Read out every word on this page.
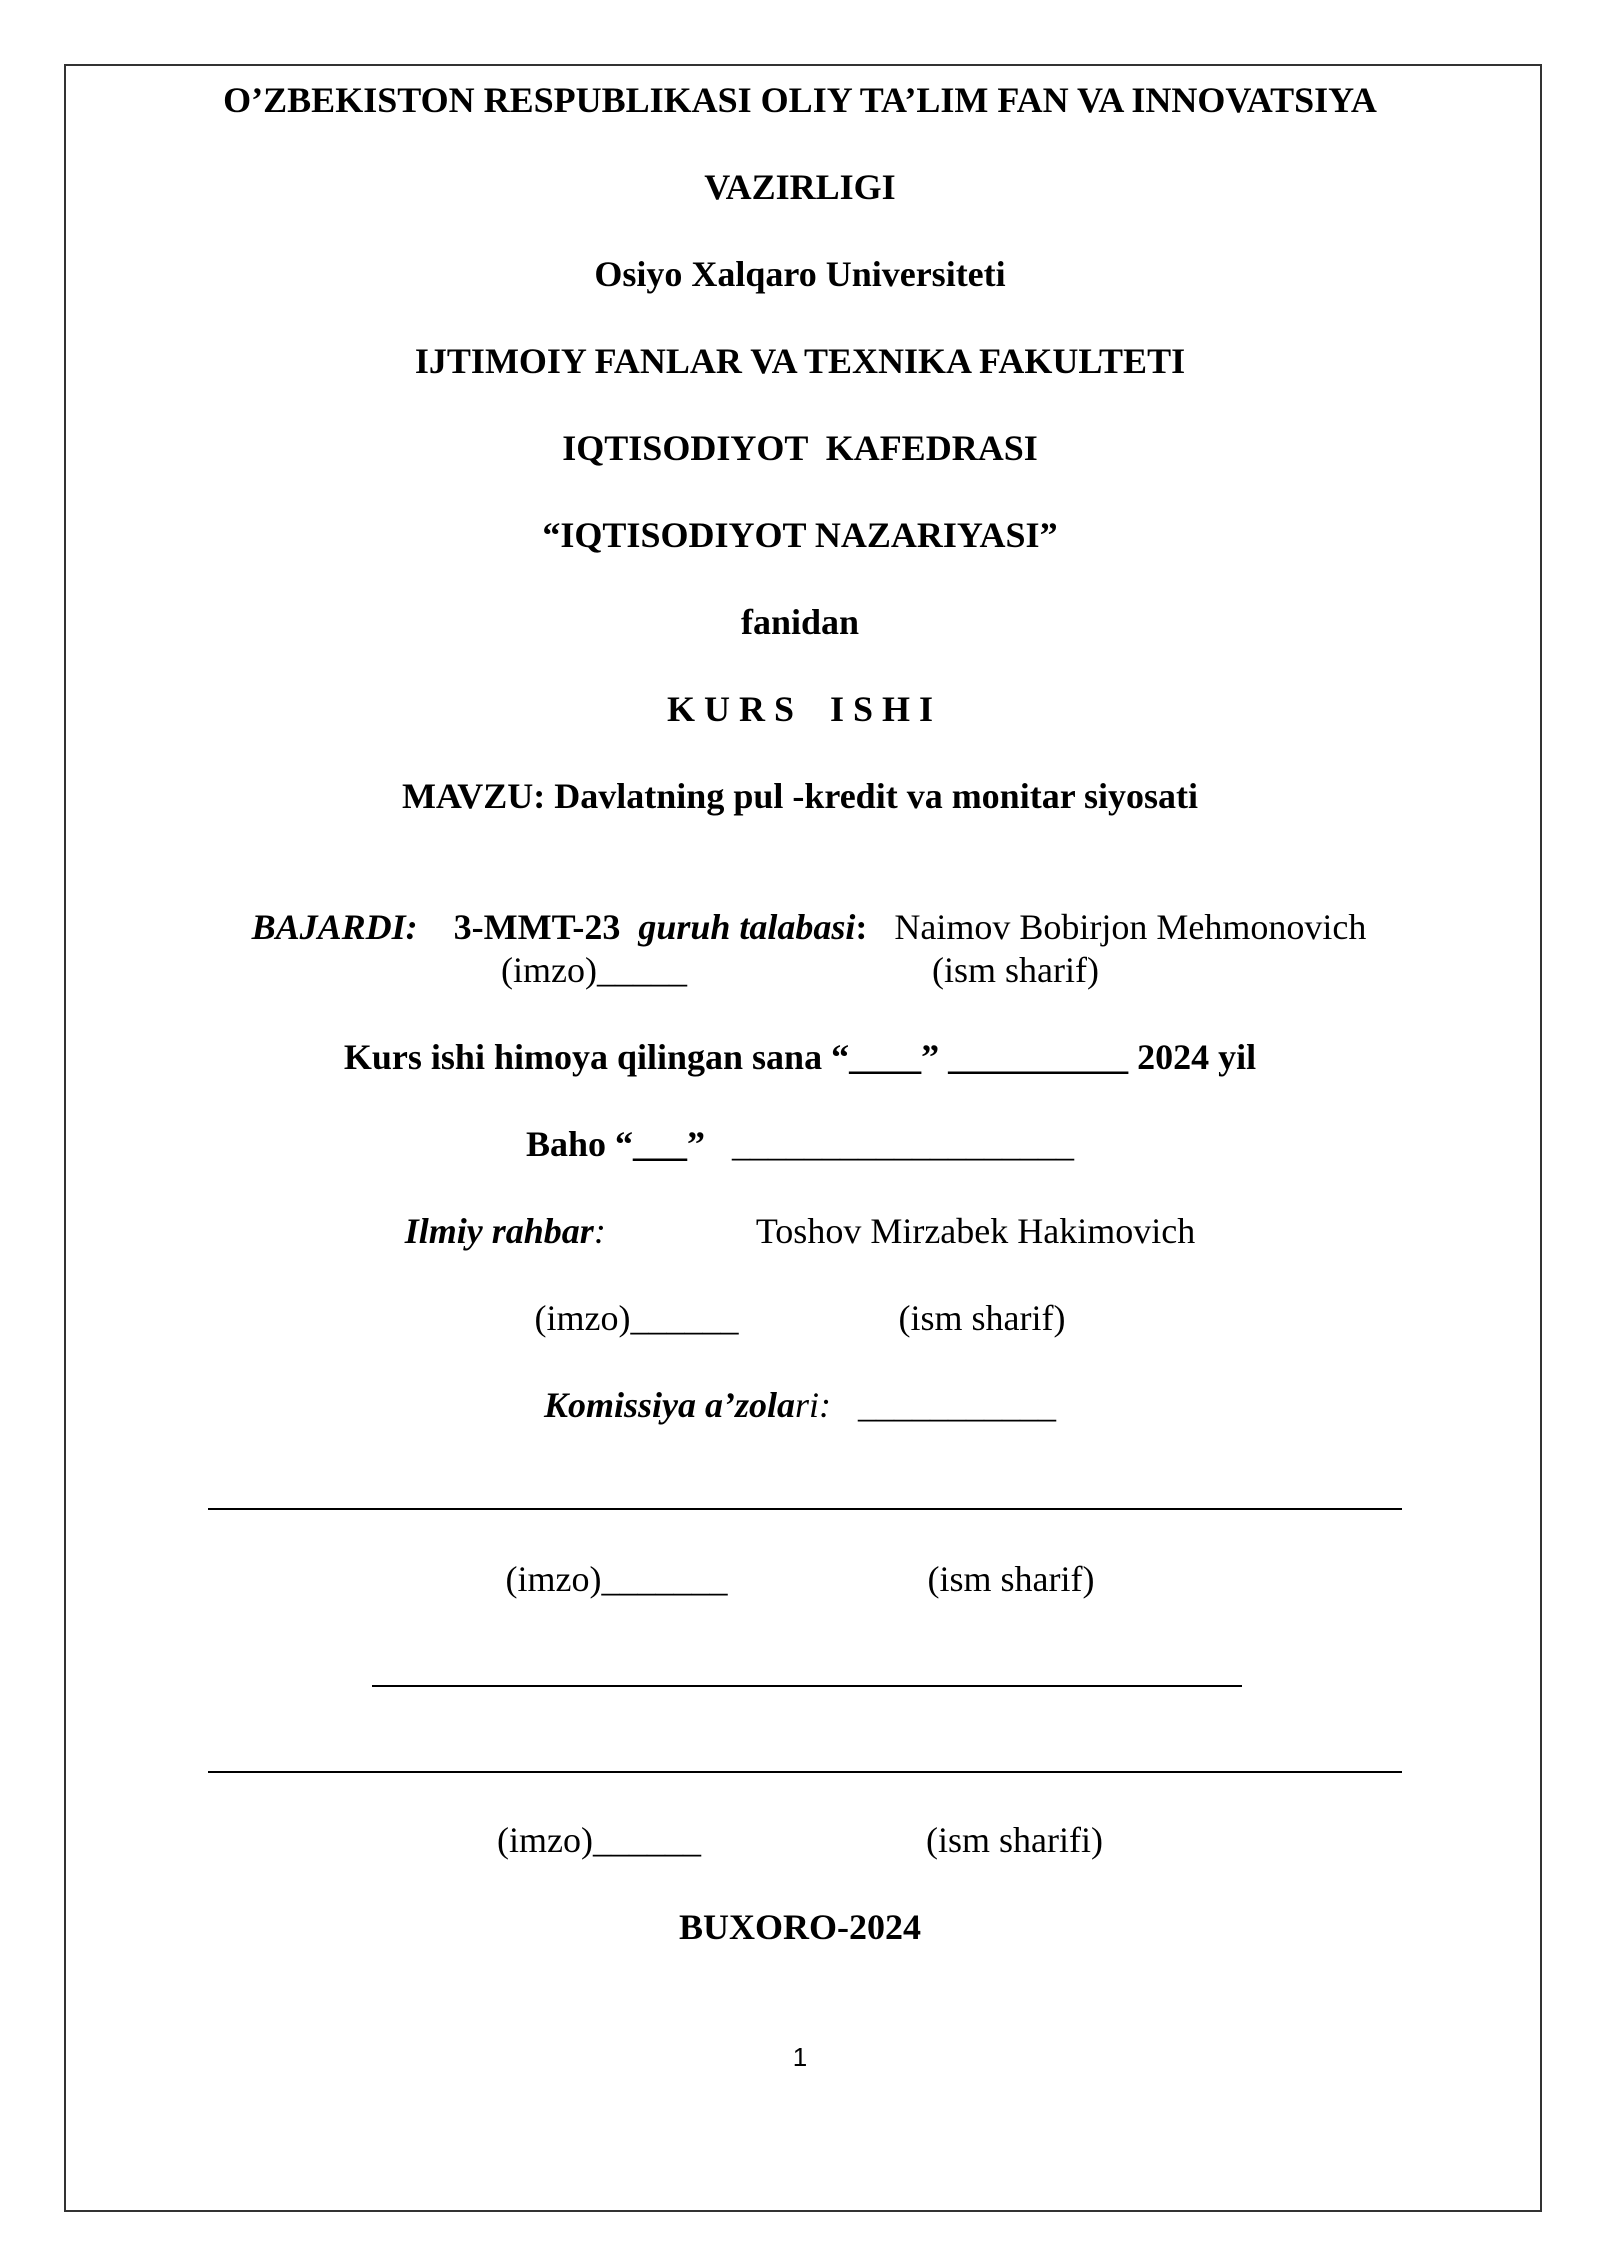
O’ZBEKISTON RESPUBLIKASI OLIY TA’LIM FAN VA INNOVATSIYA
VAZIRLIGI
Osiyo Xalqaro Universiteti
IJTIMOIY FANLAR VA TEXNIKA FAKULTETI
IQTISODIYOT  KAFEDRASI
“IQTISODIYOT NAZARIYASI”
fanidan
K U R S    I S H I
MAVZU: Davlatning pul -kredit va monitar siyosati

BAJARDI: 3-MMT-23 guruh talabasi: Naimov Bobirjon Mehmonovich

(imzo)_____	(ism sharif)
Kurs ishi himoya qilingan sana “____” __________ 2024 yil
Baho “___” ___________________
Ilmiy rahbar:	Toshov Mirzabek Hakimovich
(imzo)______	(ism sharif)
Komissiya a’zolari: ___________
(imzo)_______	(ism sharif)
(imzo)______	(ism sharifi)
BUXORO-2024
1
